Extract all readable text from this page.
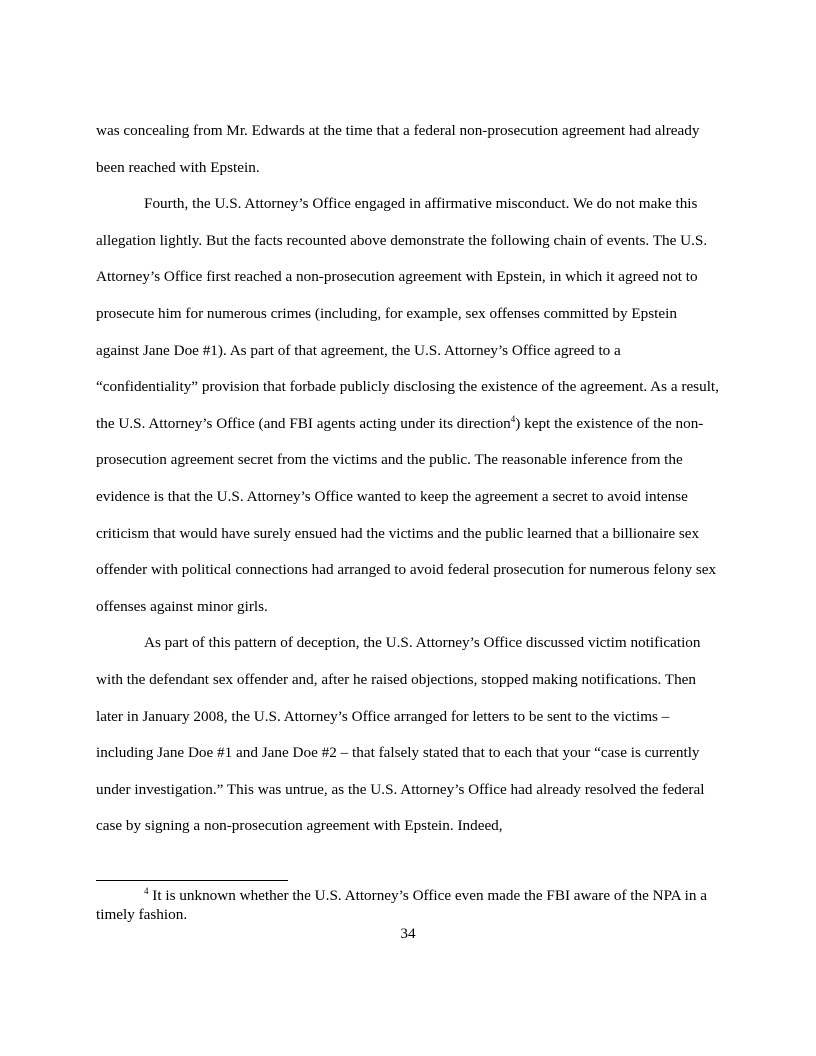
was concealing from Mr. Edwards at the time that a federal non-prosecution agreement had already been reached with Epstein.

Fourth, the U.S. Attorney’s Office engaged in affirmative misconduct. We do not make this allegation lightly. But the facts recounted above demonstrate the following chain of events. The U.S. Attorney’s Office first reached a non-prosecution agreement with Epstein, in which it agreed not to prosecute him for numerous crimes (including, for example, sex offenses committed by Epstein against Jane Doe #1). As part of that agreement, the U.S. Attorney’s Office agreed to a “confidentiality” provision that forbade publicly disclosing the existence of the agreement. As a result, the U.S. Attorney’s Office (and FBI agents acting under its direction$^4$) kept the existence of the non-prosecution agreement secret from the victims and the public. The reasonable inference from the evidence is that the U.S. Attorney’s Office wanted to keep the agreement a secret to avoid intense criticism that would have surely ensued had the victims and the public learned that a billionaire sex offender with political connections had arranged to avoid federal prosecution for numerous felony sex offenses against minor girls.

As part of this pattern of deception, the U.S. Attorney’s Office discussed victim notification with the defendant sex offender and, after he raised objections, stopped making notifications. Then later in January 2008, the U.S. Attorney’s Office arranged for letters to be sent to the victims – including Jane Doe #1 and Jane Doe #2 – that falsely stated that to each that your “case is currently under investigation.” This was untrue, as the U.S. Attorney’s Office had already resolved the federal case by signing a non-prosecution agreement with Epstein. Indeed,

$^4$ It is unknown whether the U.S. Attorney’s Office even made the FBI aware of the NPA in a timely fashion.

34
